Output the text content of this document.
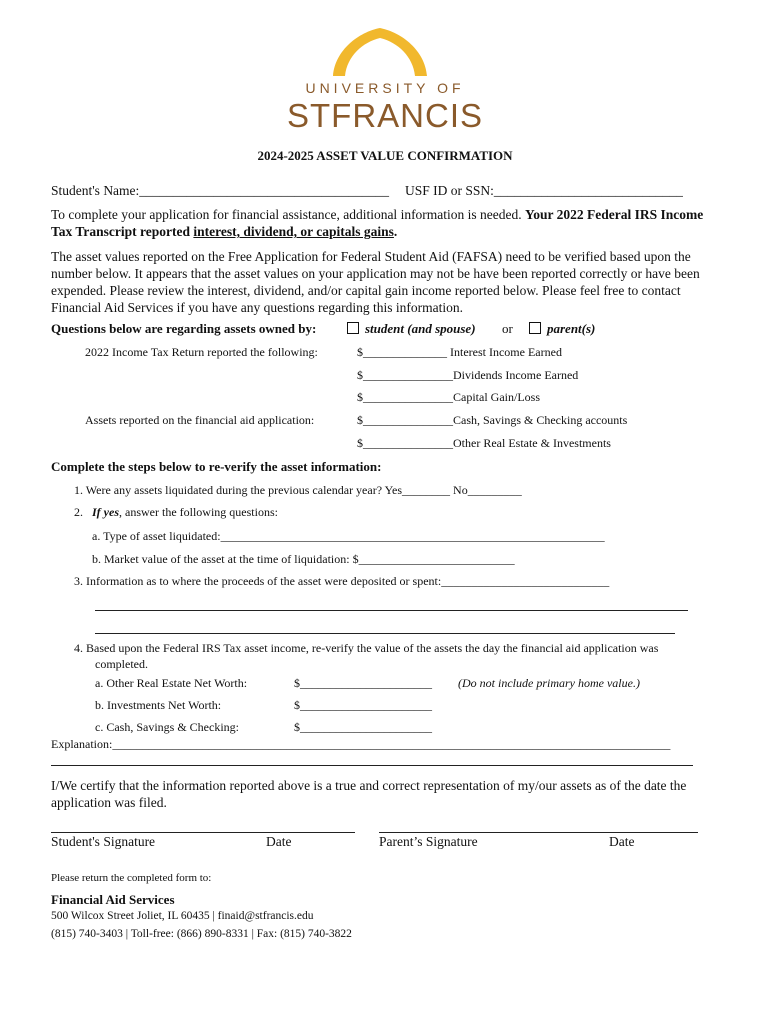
UNIVERSITY OF
STFRANCIS
2024-2025 ASSET VALUE CONFIRMATION
Student's Name:_____________________________________ USF ID or SSN:____________________________
To complete your application for financial assistance, additional information is needed. Your 2022 Federal IRS Income Tax Transcript reported interest, dividend, or capitals gains.
The asset values reported on the Free Application for Federal Student Aid (FAFSA) need to be verified based upon the number below. It appears that the asset values on your application may not be have been reported correctly or have been expended. Please review the interest, dividend, and/or capital gain income reported below. Please feel free to contact Financial Aid Services if you have any questions regarding this information.
Questions below are regarding assets owned by:	student (and spouse) or	parent(s)
2022 Income Tax Return reported the following:	$______________ Interest Income Earned
$_______________Dividends Income Earned
$_______________Capital Gain/Loss
Assets reported on the financial aid application:	$_______________Cash, Savings & Checking accounts
$_______________Other Real Estate & Investments
Complete the steps below to re-verify the asset information:
1. Were any assets liquidated during the previous calendar year? Yes________ No_________
2. If yes, answer the following questions:
a. Type of asset liquidated:________________________________________________________________
b. Market value of the asset at the time of liquidation: $__________________________
3. Information as to where the proceeds of the asset were deposited or spent:____________________________
4. Based upon the Federal IRS Tax asset income, re-verify the value of the assets the day the financial aid application was
completed.
a. Other Real Estate Net Worth:	$______________________ (Do not include primary home value.)
b. Investments Net Worth:	$______________________
c. Cash, Savings & Checking:	$______________________
Explanation:_____________________________________________________________________________________________
I/We certify that the information reported above is a true and correct representation of my/our assets as of the date the application was filed.
Student's Signature	Date	Parent’s Signature	Date
Please return the completed form to:
Financial Aid Services
500 Wilcox Street Joliet, IL 60435 | finaid@stfrancis.edu
(815) 740-3403 | Toll-free: (866) 890-8331 | Fax: (815) 740-3822
